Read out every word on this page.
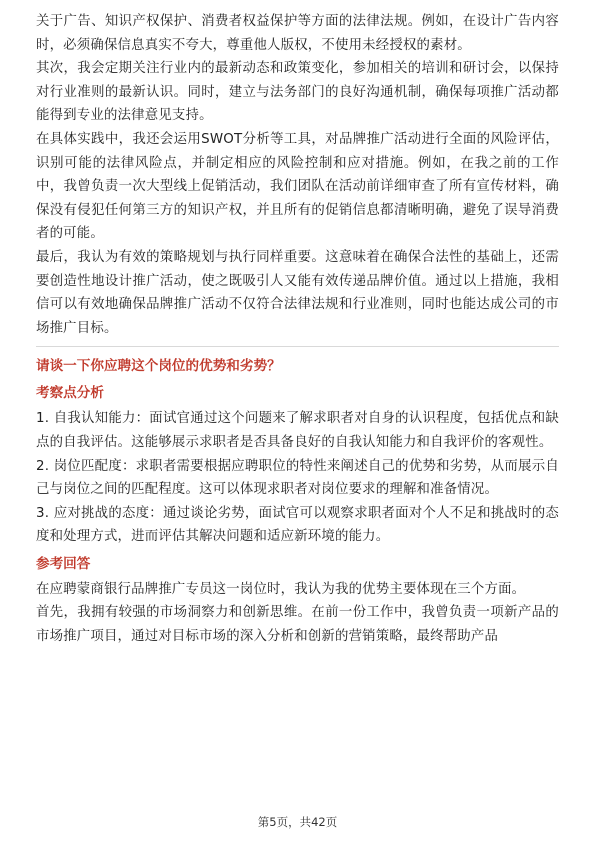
关于广告、知识产权保护、消费者权益保护等方面的法律法规。例如，在设计广告内容时，必须确保信息真实不夸大，尊重他人版权，不使用未经授权的素材。

其次，我会定期关注行业内的最新动态和政策变化，参加相关的培训和研讨会，以保持对行业准则的最新认识。同时，建立与法务部门的良好沟通机制，确保每项推广活动都能得到专业的法律意见支持。

在具体实践中，我还会运用SWOT分析等工具，对品牌推广活动进行全面的风险评估，识别可能的法律风险点，并制定相应的风险控制和应对措施。例如，在我之前的工作中，我曾负责一次大型线上促销活动，我们团队在活动前详细审查了所有宣传材料，确保没有侵犯任何第三方的知识产权，并且所有的促销信息都清晰明确，避免了误导消费者的可能。

最后，我认为有效的策略规划与执行同样重要。这意味着在确保合法性的基础上，还需要创造性地设计推广活动，使之既吸引人又能有效传递品牌价值。通过以上措施，我相信可以有效地确保品牌推广活动不仅符合法律法规和行业准则，同时也能达成公司的市场推广目标。

请谈一下你应聘这个岗位的优势和劣势？

考察点分析

1. 自我认知能力：面试官通过这个问题来了解求职者对自身的认识程度，包括优点和缺点的自我评估。这能够展示求职者是否具备良好的自我认知能力和自我评价的客观性。

2. 岗位匹配度：求职者需要根据应聘职位的特性来阐述自己的优势和劣势，从而展示自己与岗位之间的匹配程度。这可以体现求职者对岗位要求的理解和准备情况。

3. 应对挑战的态度：通过谈论劣势，面试官可以观察求职者面对个人不足和挑战时的态度和处理方式，进而评估其解决问题和适应新环境的能力。

参考回答

在应聘蒙商银行品牌推广专员这一岗位时，我认为我的优势主要体现在三个方面。

首先，我拥有较强的市场洞察力和创新思维。在前一份工作中，我曾负责一项新产品的市场推广项目，通过对目标市场的深入分析和创新的营销策略，最终帮助产品

第5页，共42页
